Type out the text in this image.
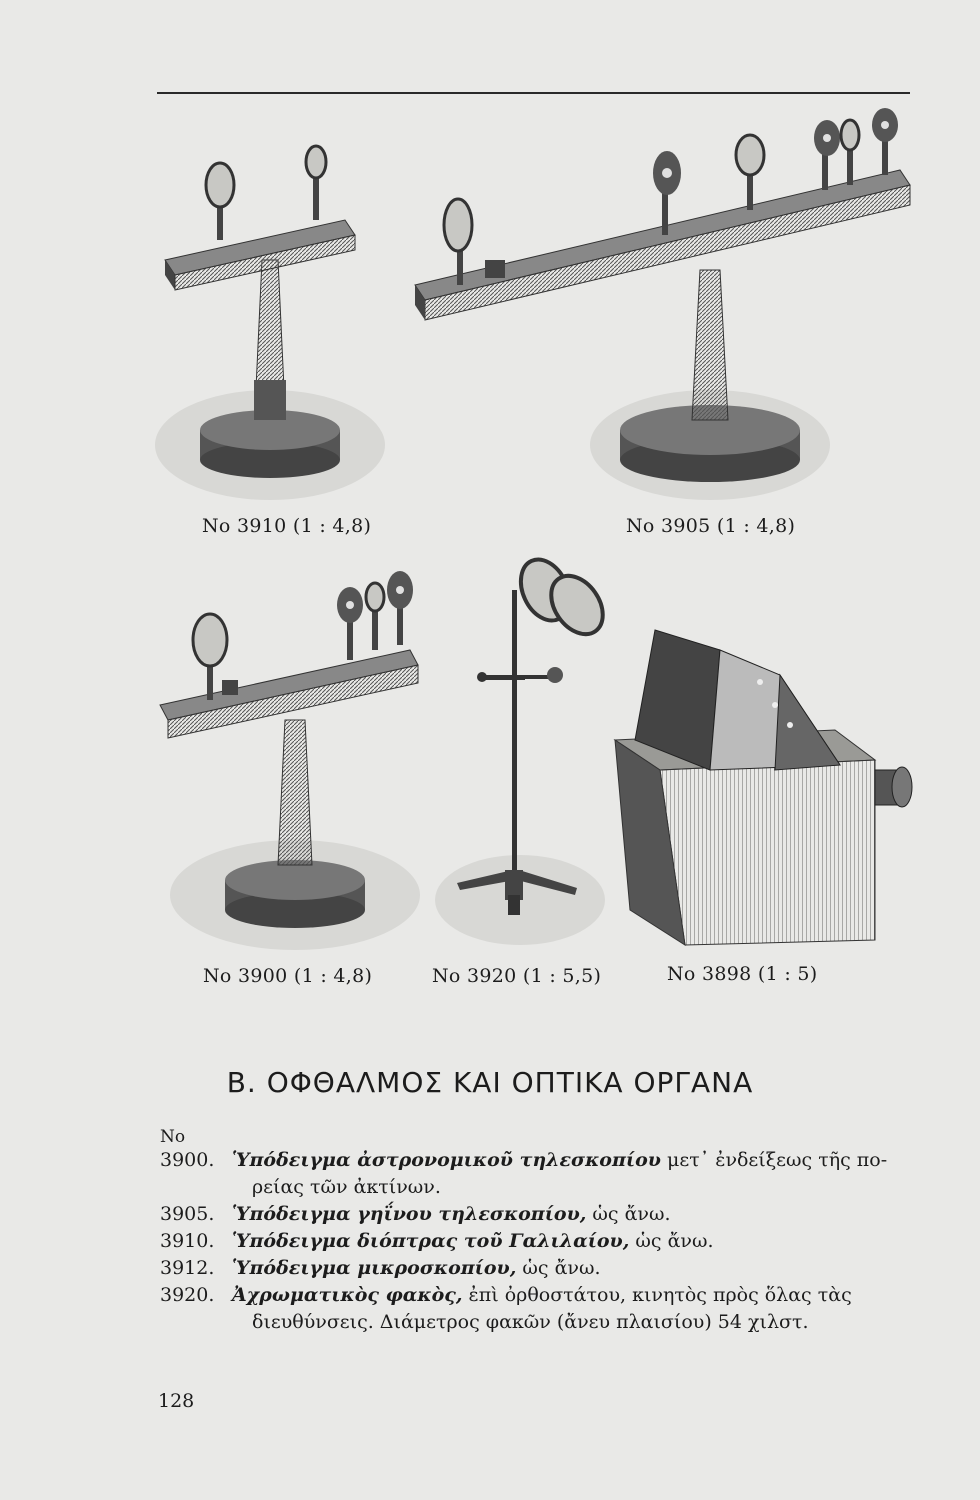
No 3910 (1 : 4,8)	No 3905 (1 : 4,8)
No 3900 (1 : 4,8)	No 3920 (1 : 5,5)	No 3898 (1 : 5)
Β. ΟΦΘΑΛΜΟΣ ΚΑΙ ΟΠΤΙΚΑ ΟΡΓΑΝΑ
No
3900. Ὑπόδειγμα ἀστρονομικοῦ τηλεσκοπίου μετ᾽ ἐνδείξεως τῆς πο-
ρείας τῶν ἀκτίνων.
3905. Ὑπόδειγμα γηΐνου τηλεσκοπίου, ὡς ἄνω.
3910. Ὑπόδειγμα διόπτρας τοῦ Γαλιλαίου, ὡς ἄνω.
3912. Ὑπόδειγμα μικροσκοπίου, ὡς ἄνω.
3920. Ἀχρωματικὸς φακὸς, ἐπὶ ὀρθοστάτου, κινητὸς πρὸς ὅλας τὰς
διευθύνσεις. Διάμετρος φακῶν (ἄνευ πλαισίου) 54 χιλστ.
128
